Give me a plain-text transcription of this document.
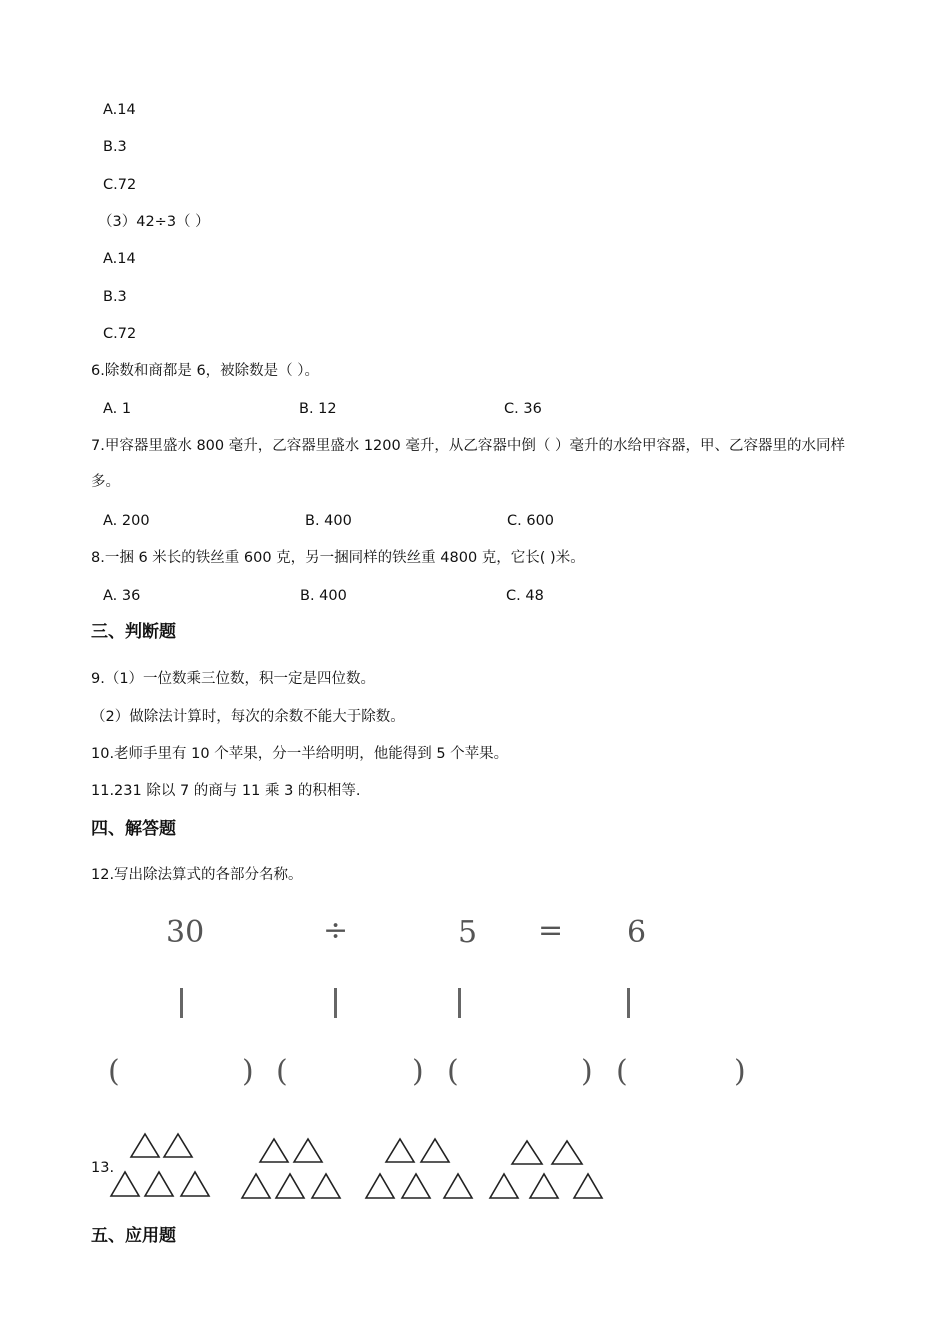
A.14
B.3
C.72
（3）42÷3（ ）
A.14
B.3
C.72
6.除数和商都是 6，被除数是（ ）。
A. 1	B. 12	C. 36
7.甲容器里盛水 800 毫升，乙容器里盛水 1200 毫升，从乙容器中倒（ ）毫升的水给甲容器，甲、乙容器里的水同样多。
A. 200	B. 400	C. 600
8.一捆 6 米长的铁丝重 600 克，另一捆同样的铁丝重 4800 克，它长( )米。
A. 36	B. 400	C. 48
三、判断题
9.（1）一位数乘三位数，积一定是四位数。
（2）做除法计算时，每次的余数不能大于除数。
10.老师手里有 10 个苹果，分一半给明明，他能得到 5 个苹果。
11.231 除以 7 的商与 11 乘 3 的积相等.
四、解答题
12.写出除法算式的各部分名称。
30	÷	5 = 6
(	) (	) (	) (	)
13.
五、应用题
